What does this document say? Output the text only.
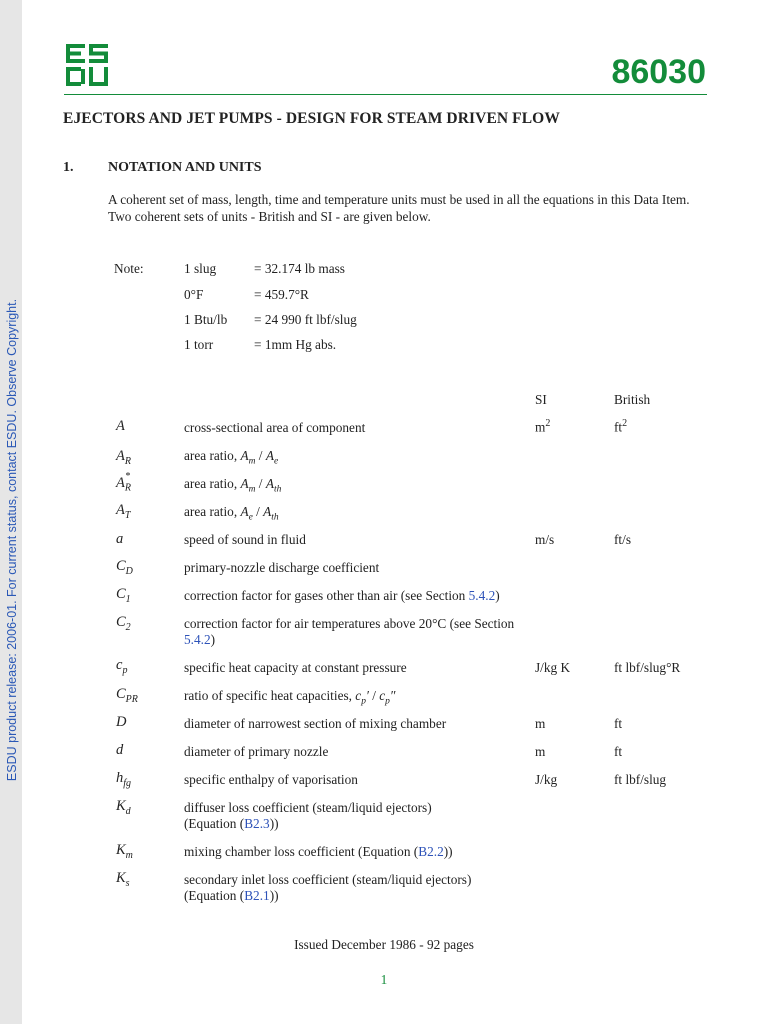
ESDU product release: 2006-01. For current status, contact ESDU. Observe Copyright.
86030
EJECTORS AND JET PUMPS - DESIGN FOR STEAM DRIVEN FLOW
1. NOTATION AND UNITS

A coherent set of mass, length, time and temperature units must be used in all the equations in this Data Item. Two coherent sets of units - British and SI - are given below.

Note:	1 slug	= 32.174 lb mass
0°F	= 459.7°R
1 Btu/lb = 24 990 ft lbf/slug
1 torr	= 1mm Hg abs.
SI	British
A	cross-sectional area of component	$m^2$	$ft^2$
$A_R$	area ratio, $A_m / A_e$
$A_R^*$	area ratio, $A_m / A_{th}$
$A_T$	area ratio, $A_e / A_{th}$
a	speed of sound in fluid	m/s	ft/s
$C_D$	primary-nozzle discharge coefficient
$C_1$	correction factor for gases other than air (see Section 5.4.2)
$C_2$	correction factor for air temperatures above 20°C (see Section 5.4.2)
$c_p$	specific heat capacity at constant pressure	J/kg K	ft lbf/slug°R
$C_{PR}$	ratio of specific heat capacities, $c_p' / c_p''$
D	diameter of narrowest section of mixing chamber	m	ft
d	diameter of primary nozzle	m	ft
$h_{fg}$	specific enthalpy of vaporisation	J/kg	ft lbf/slug
$K_d$	diffuser loss coefficient (steam/liquid ejectors)
(Equation (B2.3))
$K_m$	mixing chamber loss coefficient (Equation (B2.2))
$K_s$	secondary inlet loss coefficient (steam/liquid ejectors)
(Equation (B2.1))
Issued December 1986 - 92 pages
1
